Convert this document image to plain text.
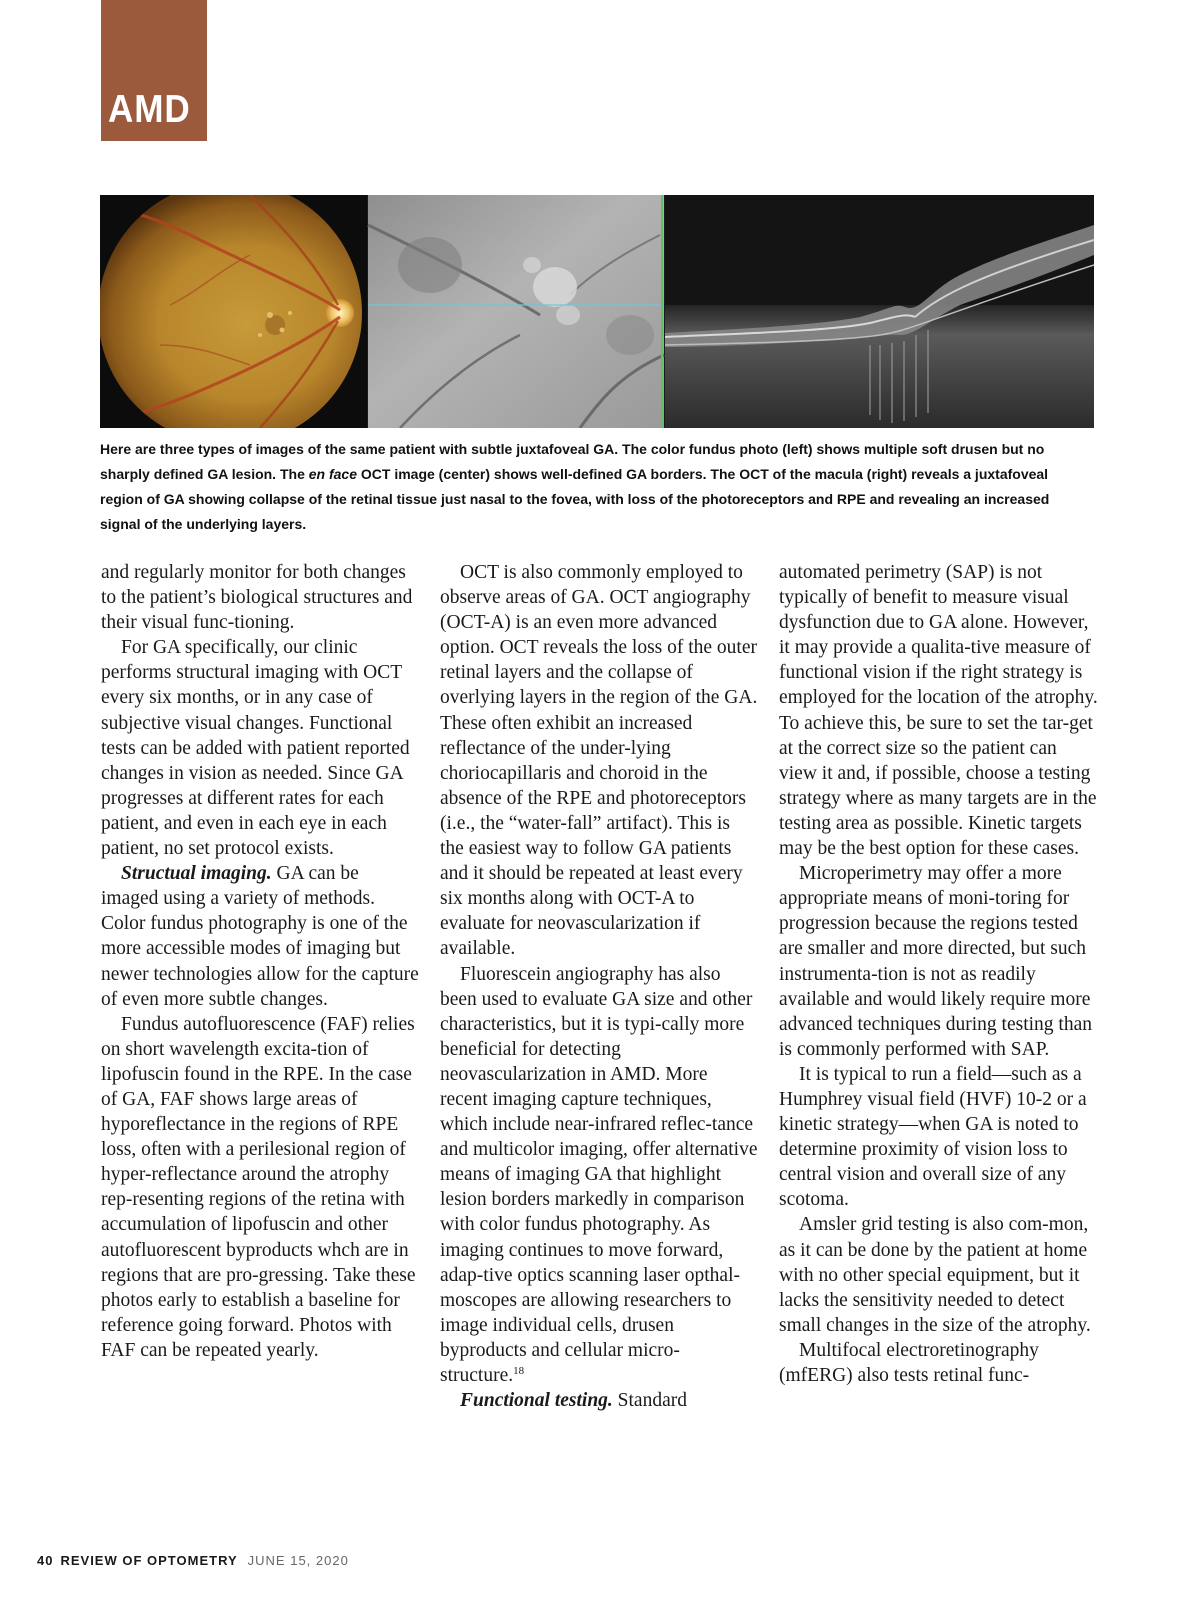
AMD
Here are three types of images of the same patient with subtle juxtafoveal GA. The color fundus photo (left) shows multiple soft drusen but no sharply defined GA lesion. The en face OCT image (center) shows well-defined GA borders. The OCT of the macula (right) reveals a juxtafoveal region of GA showing collapse of the retinal tissue just nasal to the fovea, with loss of the photoreceptors and RPE and revealing an increased signal of the underlying layers.

and regularly monitor for both changes to the patient’s biological structures and their visual func-tioning.

For GA specifically, our clinic performs structural imaging with OCT every six months, or in any case of subjective visual changes. Functional tests can be added with patient reported changes in vision as needed. Since GA progresses at different rates for each patient, and even in each eye in each patient, no set protocol exists.

Structual imaging. GA can be imaged using a variety of methods. Color fundus photography is one of the more accessible modes of imaging but newer technologies allow for the capture of even more subtle changes.

Fundus autofluorescence (FAF) relies on short wavelength excita-tion of lipofuscin found in the RPE. In the case of GA, FAF shows large areas of hyporeflectance in the regions of RPE loss, often with a perilesional region of hyper-reflectance around the atrophy rep-resenting regions of the retina with accumulation of lipofuscin and other autofluorescent byproducts whch are in regions that are pro-gressing. Take these photos early to establish a baseline for reference going forward. Photos with FAF can be repeated yearly.

OCT is also commonly employed to observe areas of GA. OCT angiography (OCT-A) is an even more advanced option. OCT reveals the loss of the outer retinal layers and the collapse of overlying layers in the region of the GA. These often exhibit an increased reflectance of the under-lying choriocapillaris and choroid in the absence of the RPE and photoreceptors (i.e., the “water-fall” artifact). This is the easiest way to follow GA patients and it should be repeated at least every six months along with OCT-A to evaluate for neovascularization if available.

Fluorescein angiography has also been used to evaluate GA size and other characteristics, but it is typi-cally more beneficial for detecting neovascularization in AMD. More recent imaging capture techniques, which include near-infrared reflec-tance and multicolor imaging, offer alternative means of imaging GA that highlight lesion borders markedly in comparison with color fundus photography. As imaging continues to move forward, adap-tive optics scanning laser opthal-moscopes are allowing researchers to image individual cells, drusen byproducts and cellular micro-structure.$^{18}$

Functional testing. Standard

automated perimetry (SAP) is not typically of benefit to measure visual dysfunction due to GA alone. However, it may provide a qualita-tive measure of functional vision if the right strategy is employed for the location of the atrophy. To achieve this, be sure to set the tar-get at the correct size so the patient can view it and, if possible, choose a testing strategy where as many targets are in the testing area as possible. Kinetic targets may be the best option for these cases.

Microperimetry may offer a more appropriate means of moni-toring for progression because the regions tested are smaller and more directed, but such instrumenta-tion is not as readily available and would likely require more advanced techniques during testing than is commonly performed with SAP.

It is typical to run a field—such as a Humphrey visual field (HVF) 10-2 or a kinetic strategy—when GA is noted to determine proximity of vision loss to central vision and overall size of any scotoma.

Amsler grid testing is also com-mon, as it can be done by the patient at home with no other special equipment, but it lacks the sensitivity needed to detect small changes in the size of the atrophy.

Multifocal electroretinography (mfERG) also tests retinal func-

40 REVIEW OF OPTOMETRY JUNE 15, 2020
